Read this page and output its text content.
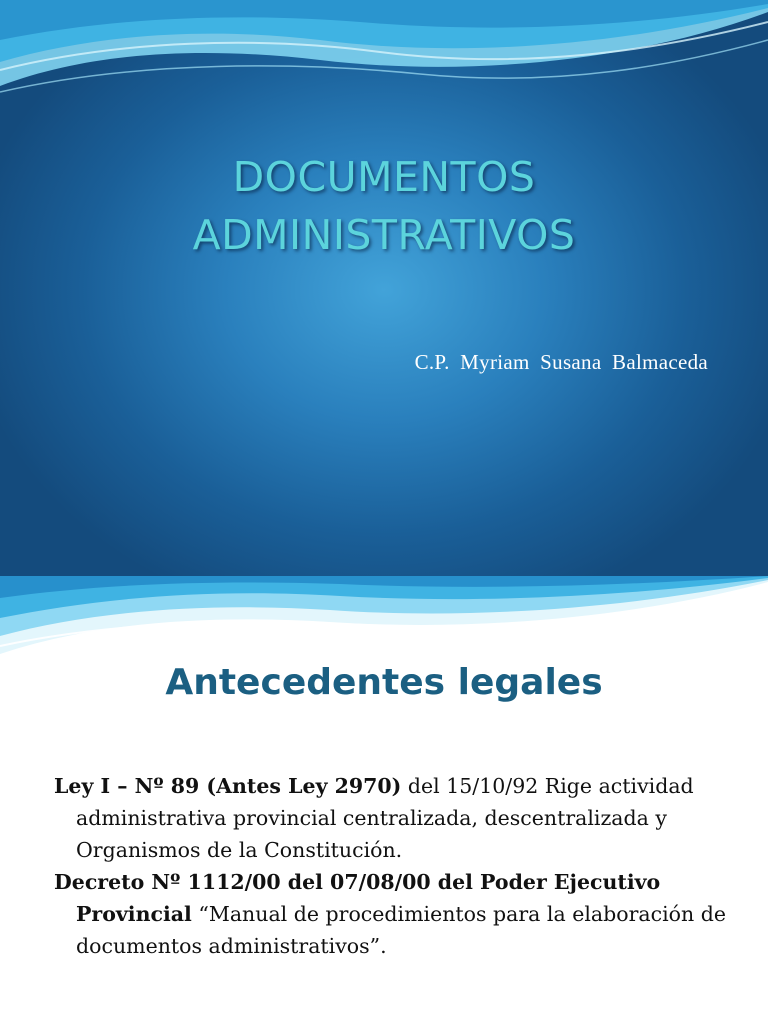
DOCUMENTOS
ADMINISTRATIVOS
C.P. Myriam Susana Balmaceda
Antecedentes legales
Ley I – Nº 89 (Antes Ley 2970) del 15/10/92 Rige actividad administrativa provincial centralizada, descentralizada y Organismos de la Constitución.
Decreto Nº 1112/00 del 07/08/00 del Poder Ejecutivo Provincial “Manual de procedimientos para la elaboración de documentos administrativos”.
